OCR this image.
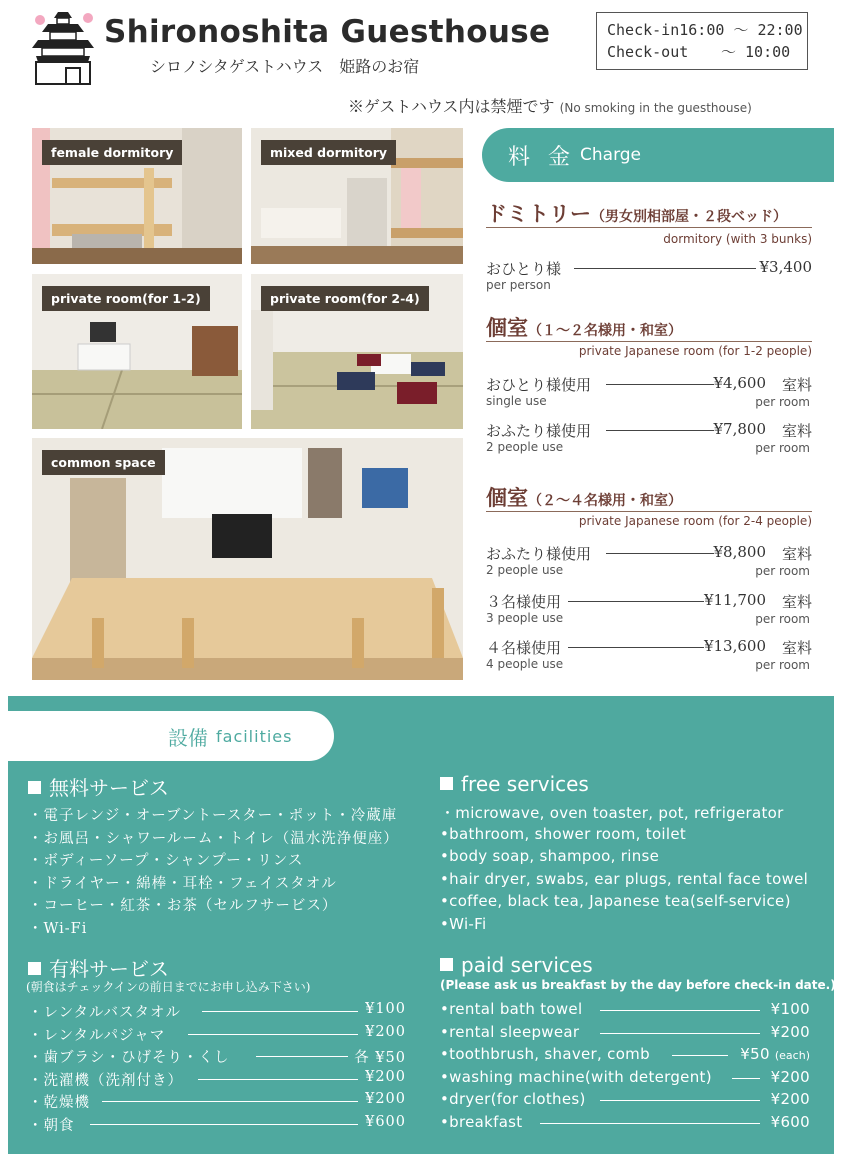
Shironoshita Guesthouse
シロノシタゲストハウス　姫路のお宿
Check-in 16:00 ～ 22:00
Check-out	～ 10:00
※ゲストハウス内は禁煙です (No smoking in the guesthouse)
female dormitory	mixed dormitory
private room(for 1-2)	private room(for 2-4)
common space
料金
Charge
ドミトリー（男女別相部屋・２段ベッド）
dormitory (with 3 bunks)
おひとり様
per person
¥3,400
個室（１～２名様用・和室）
private Japanese room (for 1-2 people)
おひとり様使用
single use
¥4,600 室料
per room
おふたり様使用
2 people use
¥7,800 室料
per room
個室（２～４名様用・和室）
private Japanese room (for 2-4 people)
おふたり様使用
2 people use
¥8,800 室料
per room
３名様使用
3 people use
¥11,700 室料
per room
４名様使用
4 people use
¥13,600 室料
per room
設備 facilities
無料サービス
・電子レンジ・オーブントースター・ポット・冷蔵庫
・お風呂・シャワールーム・トイレ（温水洗浄便座）
・ボディーソープ・シャンプー・リンス
・ドライヤー・綿棒・耳栓・フェイスタオル
・コーヒー・紅茶・お茶（セルフサービス）
・Wi-Fi
free services
・microwave, oven toaster, pot, refrigerator
•bathroom, shower room, toilet
•body soap, shampoo, rinse
•hair dryer, swabs, ear plugs, rental face towel
•coffee, black tea, Japanese tea(self-service)
•Wi-Fi
有料サービス
(朝食はチェックインの前日までにお申し込み下さい)
・レンタルバスタオル	¥100
・レンタルパジャマ	¥200
・歯ブラシ・ひげそり・くし	各 ¥50
・洗濯機（洗剤付き）	¥200
・乾燥機	¥200
・朝食	¥600
paid services
(Please ask us breakfast by the day before check-in date.)
•rental bath towel	¥100
•rental sleepwear	¥200
•toothbrush, shaver, comb	¥50 (each)
•washing machine(with detergent)	¥200
•dryer(for clothes)	¥200
•breakfast	¥600
